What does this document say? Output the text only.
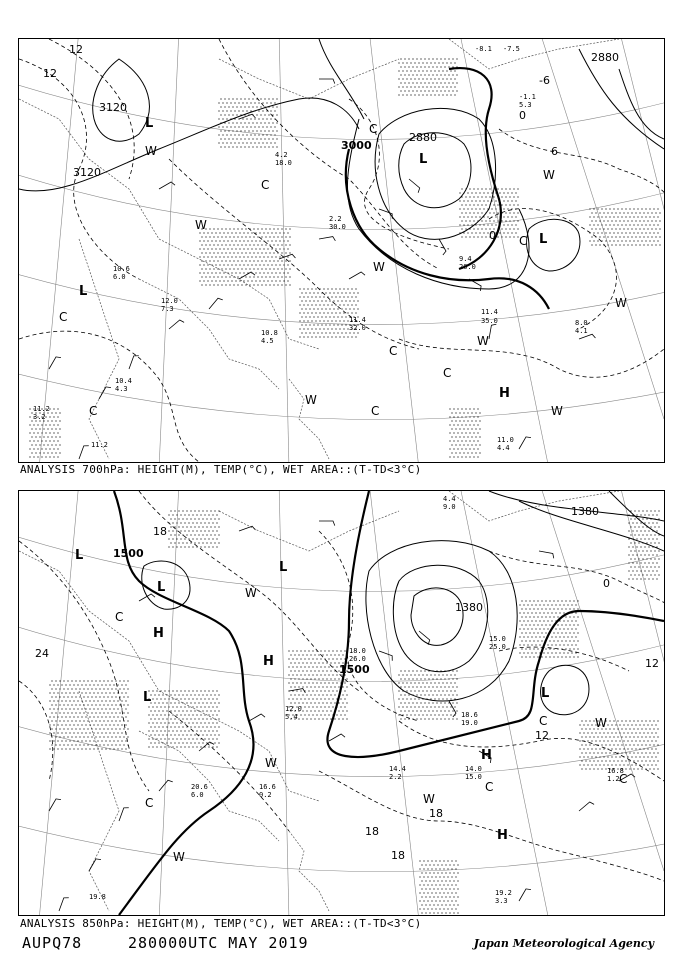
3120
3120
3000
2880
2880
12
12
-6
0
6
0
L
L
L
L
H
W
W
W
W
W
W
W
W
C
C
C
C
C
C
C
C
11.4
35.0	8.0
4.1
11.0
4.4
11.4
32.0
10.8
4.5
11.2
12.0
7.3
10.6
6.0
9.4
20.0
-8.1 -7.5
-1.1
5.3
4.2
18.0
10.4
4.3
11.2
3.2
2.2
30.0
ANALYSIS 700hPa: HEIGHT(M), TEMP(°C), WET AREA::(T-TD<3°C)
1500
1500
1380
1380
18
24
12
0
12
18
18
18
L
L
L
L	L
H
H
H
H
W
W
W
W
W
C
C
C
C
C
19.2
3.3
16.8
1.2
14.0
15.0
18.6
19.0
16.6
0.2
19.8
18.0
26.0
14.4
2.2
20.6
6.0
12.0
5.4
4.4
9.0
15.0
25.0
ANALYSIS 850hPa: HEIGHT(M), TEMP(°C), WET AREA::(T-TD<3°C)
AUPQ78	280000UTC MAY 2019	Japan Meteorological Agency
